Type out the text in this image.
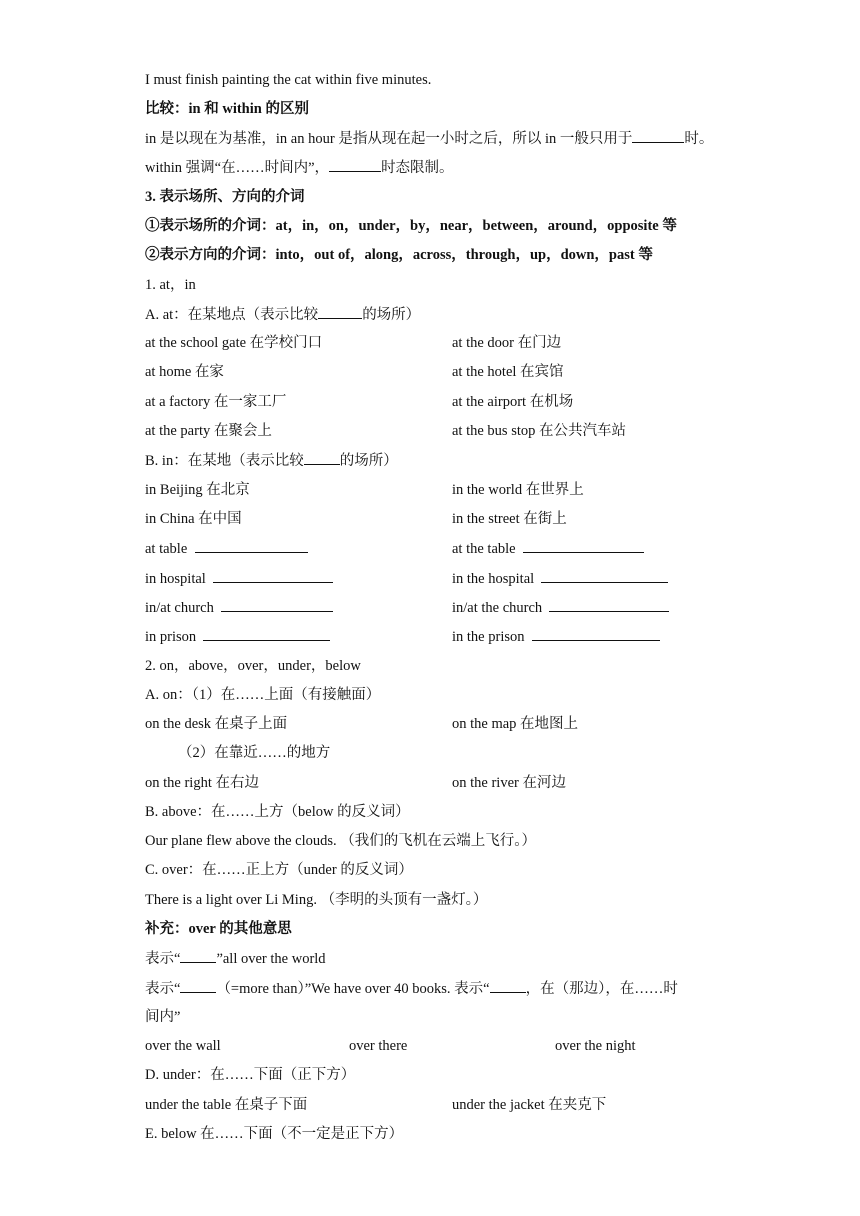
I must finish painting the cat within five minutes.
比较：in 和 within 的区别
in 是以现在为基准，in an hour 是指从现在起一小时之后，所以 in 一般只用于	时。
within 强调“在……时间内”，	时态限制。
3. 表示场所、方向的介词
①表示场所的介词：at，in，on，under，by，near，between，around，opposite 等
②表示方向的介词：into，out of，along，across，through，up，down，past 等
1. at，in
A. at：在某地点（表示比较	的场所）
at the school gate 在学校门口	at the door 在门边
at home 在家	at the hotel 在宾馆
at a factory 在一家工厂	at the airport 在机场
at the party 在聚会上	at the bus stop 在公共汽车站
B. in：在某地（表示比较 的场所）
in Beijing 在北京	in the world 在世界上
in China 在中国	in the street 在街上
at table	at the table
in hospital	in the hospital
in/at church	in/at the church
in prison	in the prison
2. on，above，over，under，below
A. on：（1）在……上面（有接触面）
on the desk 在桌子上面	on the map 在地图上
（2）在靠近……的地方
on the right 在右边	on the river 在河边
B. above：在……上方（below 的反义词）
Our plane flew above the clouds. （我们的飞机在云端上飞行。）
C. over：在……正上方（under 的反义词）
There is a light over Li Ming. （李明的头顶有一盏灯。）
补充：over 的其他意思
表示“ ”all over the world
表示“ （=more than）”We have over 40 books. 表示“ ，在（那边），在……时
间内”
over the wall	over there	over the night
D. under：在……下面（正下方）
under the table 在桌子下面	under the jacket 在夹克下
E. below 在……下面（不一定是正下方）
